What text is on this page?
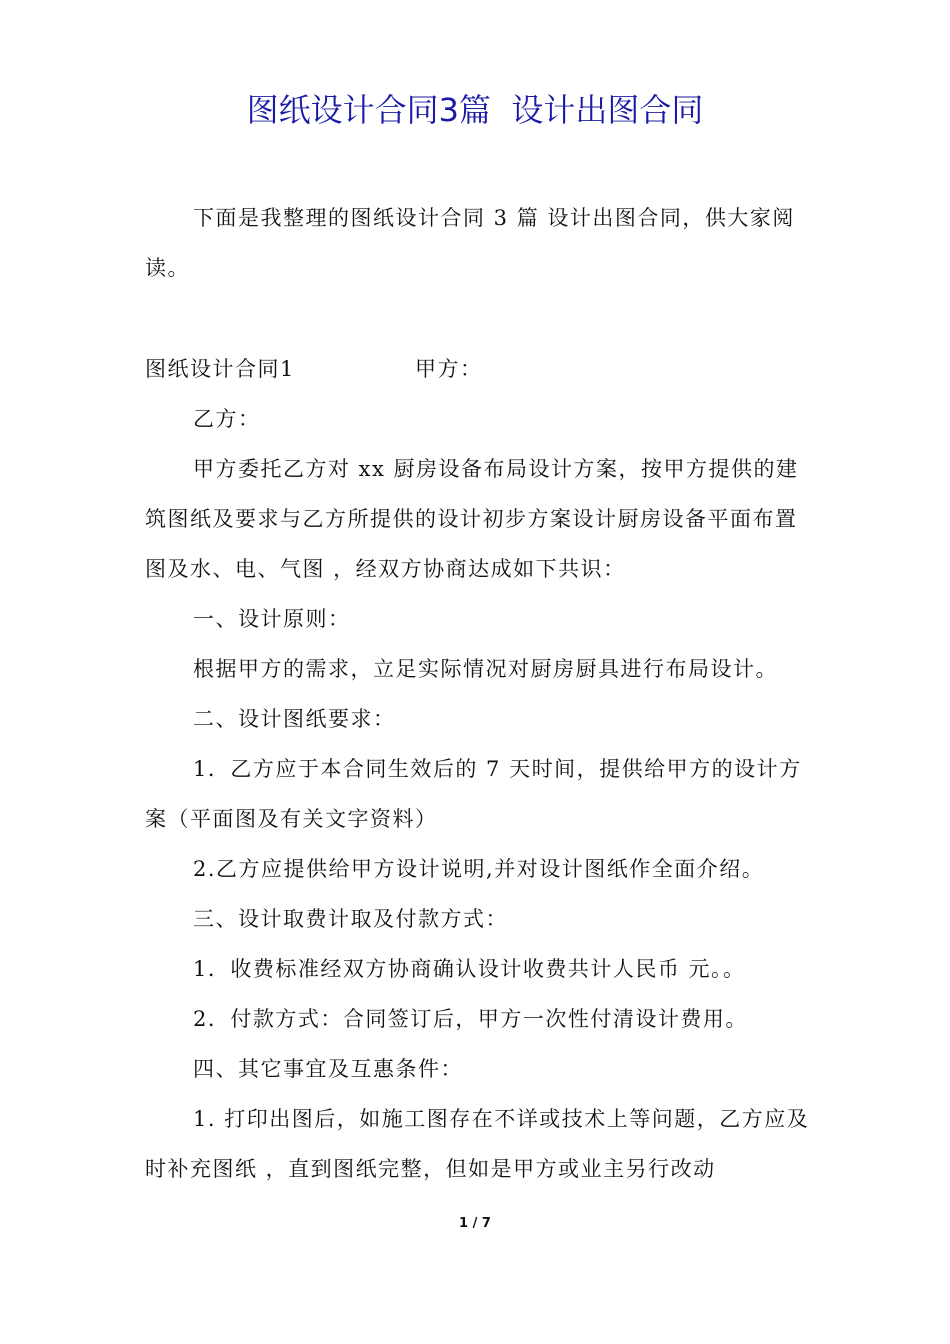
图纸设计合同3篇  设计出图合同

下面是我整理的图纸设计合同 3 篇 设计出图合同，供大家阅读。

图纸设计合同1	甲方：

乙方：

甲方委托乙方对 xx 厨房设备布局设计方案，按甲方提供的建筑图纸及要求与乙方所提供的设计初步方案设计厨房设备平面布置图及水、电、气图 ，经双方协商达成如下共识：

一、设计原则：

根据甲方的需求，立足实际情况对厨房厨具进行布局设计。

二、设计图纸要求：

1．乙方应于本合同生效后的 7 天时间，提供给甲方的设计方案（平面图及有关文字资料）

2.乙方应提供给甲方设计说明,并对设计图纸作全面介绍。

三、设计取费计取及付款方式：

1．收费标准经双方协商确认设计收费共计人民币 元。。

2．付款方式：合同签订后，甲方一次性付清设计费用。

四、其它事宜及互惠条件：

1. 打印出图后，如施工图存在不详或技术上等问题，乙方应及时补充图纸 ，直到图纸完整，但如是甲方或业主另行改动

1 / 7
